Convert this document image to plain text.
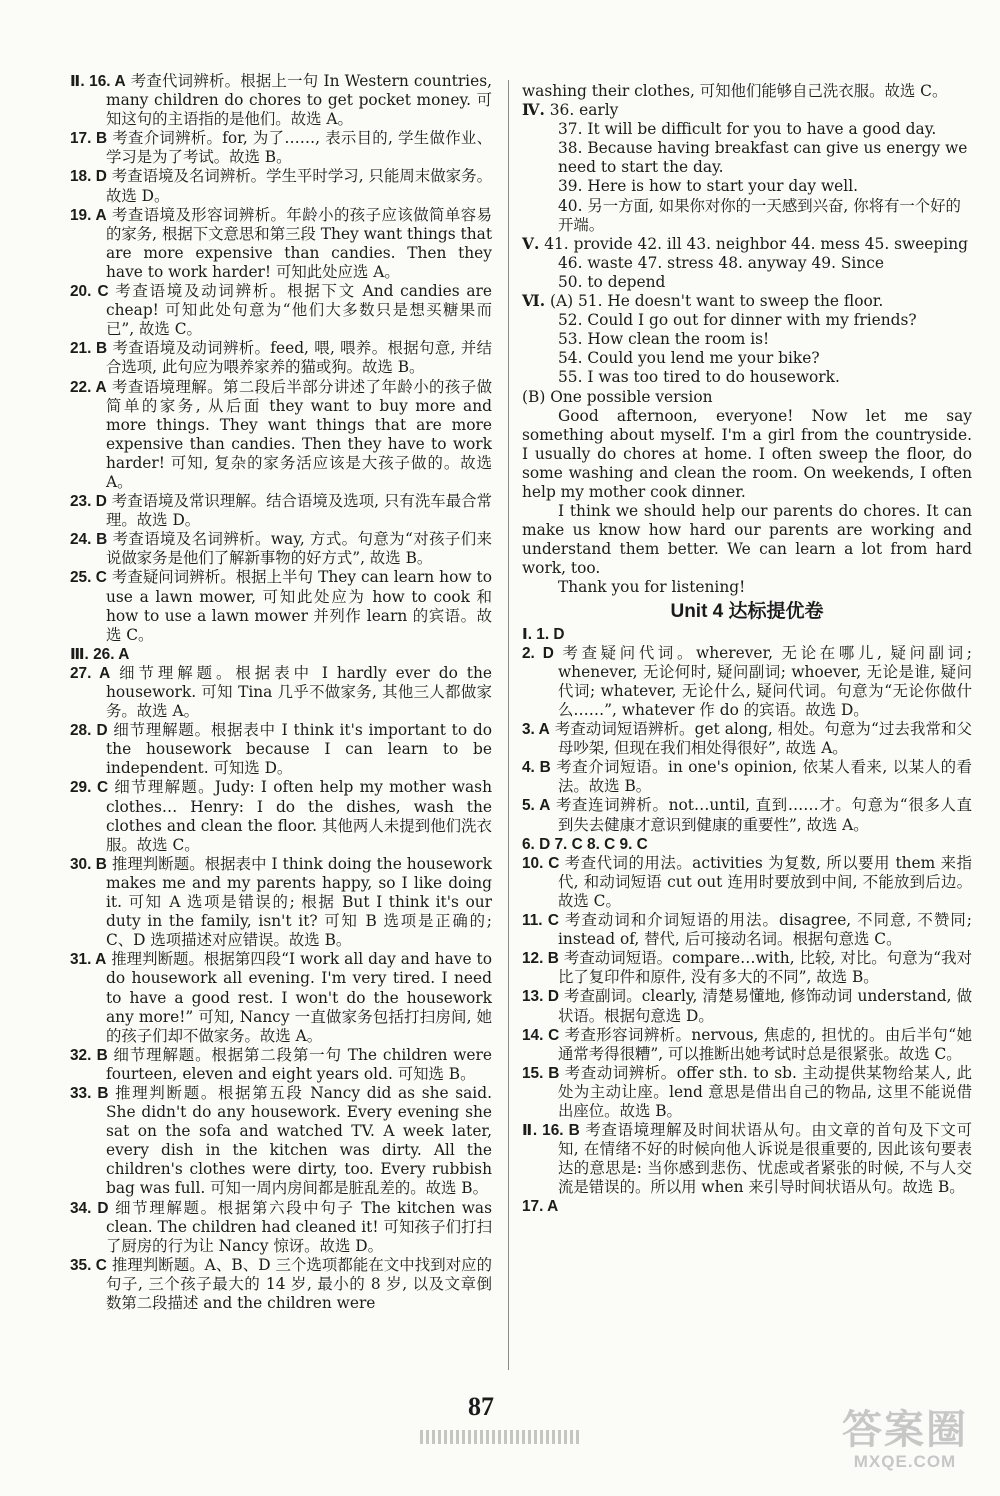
Ⅱ. 16. A 考查代词辨析。根据上一句 In Western countries, many children do chores to get pocket money. 可知这句的主语指的是他们。故选 A。

17. B 考查介词辨析。for, 为了……, 表示目的, 学生做作业、学习是为了考试。故选 B。

18. D 考查语境及名词辨析。学生平时学习, 只能周末做家务。故选 D。

19. A 考查语境及形容词辨析。年龄小的孩子应该做简单容易的家务, 根据下文意思和第三段 They want things that are more expensive than candies. Then they have to work harder! 可知此处应选 A。

20. C 考查语境及动词辨析。根据下文 And candies are cheap! 可知此处句意为“他们大多数只是想买糖果而已”, 故选 C。

21. B 考查语境及动词辨析。feed, 喂, 喂养。根据句意, 并结合选项, 此句应为喂养家养的猫或狗。故选 B。

22. A 考查语境理解。第二段后半部分讲述了年龄小的孩子做简单的家务, 从后面 they want to buy more and more things. They want things that are more expensive than candies. Then they have to work harder! 可知, 复杂的家务活应该是大孩子做的。故选 A。

23. D 考查语境及常识理解。结合语境及选项, 只有洗车最合常理。故选 D。

24. B 考查语境及名词辨析。way, 方式。句意为“对孩子们来说做家务是他们了解新事物的好方式”, 故选 B。

25. C 考查疑问词辨析。根据上半句 They can learn how to use a lawn mower, 可知此处应为 how to cook 和 how to use a lawn mower 并列作 learn 的宾语。故选 C。

Ⅲ. 26. A

27. A 细节理解题。根据表中 I hardly ever do the housework. 可知 Tina 几乎不做家务, 其他三人都做家务。故选 A。

28. D 细节理解题。根据表中 I think it's important to do the housework because I can learn to be independent. 可知选 D。

29. C 细节理解题。Judy: I often help my mother wash clothes… Henry: I do the dishes, wash the clothes and clean the floor. 其他两人未提到他们洗衣服。故选 C。

30. B 推理判断题。根据表中 I think doing the housework makes me and my parents happy, so I like doing it. 可知 A 选项是错误的; 根据 But I think it's our duty in the family, isn't it? 可知 B 选项是正确的; C、D 选项描述对应错误。故选 B。

31. A 推理判断题。根据第四段“I work all day and have to do housework all evening. I'm very tired. I need to have a good rest. I won't do the housework any more!” 可知, Nancy 一直做家务包括打扫房间, 她的孩子们却不做家务。故选 A。

32. B 细节理解题。根据第二段第一句 The children were fourteen, eleven and eight years old. 可知选 B。

33. B 推理判断题。根据第五段 Nancy did as she said. She didn't do any housework. Every evening she sat on the sofa and watched TV. A week later, every dish in the kitchen was dirty. All the children's clothes were dirty, too. Every rubbish bag was full. 可知一周内房间都是脏乱差的。故选 B。

34. D 细节理解题。根据第六段中句子 The kitchen was clean. The children had cleaned it! 可知孩子们打扫了厨房的行为让 Nancy 惊讶。故选 D。

35. C 推理判断题。A、B、D 三个选项都能在文中找到对应的句子, 三个孩子最大的 14 岁, 最小的 8 岁, 以及文章倒数第二段描述 and the children were

washing their clothes, 可知他们能够自己洗衣服。故选 C。

Ⅳ. 36. early

37. It will be difficult for you to have a good day.

38. Because having breakfast can give us energy we need to start the day.

39. Here is how to start your day well.

40. 另一方面, 如果你对你的一天感到兴奋, 你将有一个好的开端。

Ⅴ. 41. provide 42. ill 43. neighbor 44. mess 45. sweeping

46. waste 47. stress 48. anyway 49. Since

50. to depend

Ⅵ. (A) 51. He doesn't want to sweep the floor.

52. Could I go out for dinner with my friends?

53. How clean the room is!

54. Could you lend me your bike?

55. I was too tired to do housework.

(B) One possible version

Good afternoon, everyone! Now let me say something about myself. I'm a girl from the countryside. I usually do chores at home. I often sweep the floor, do some washing and clean the room. On weekends, I often help my mother cook dinner.

I think we should help our parents do chores. It can make us know how hard our parents are working and understand them better. We can learn a lot from hard work, too.

Thank you for listening!

Unit 4 达标提优卷

Ⅰ. 1. D

2. D 考查疑问代词。wherever, 无论在哪儿, 疑问副词; whenever, 无论何时, 疑问副词; whoever, 无论是谁, 疑问代词; whatever, 无论什么, 疑问代词。句意为“无论你做什么……”, whatever 作 do 的宾语。故选 D。

3. A 考查动词短语辨析。get along, 相处。句意为“过去我常和父母吵架, 但现在我们相处得很好”, 故选 A。

4. B 考查介词短语。in one's opinion, 依某人看来, 以某人的看法。故选 B。

5. A 考查连词辨析。not…until, 直到……才。句意为“很多人直到失去健康才意识到健康的重要性”, 故选 A。

6. D 7. C 8. C 9. C

10. C 考查代词的用法。activities 为复数, 所以要用 them 来指代, 和动词短语 cut out 连用时要放到中间, 不能放到后边。故选 C。

11. C 考查动词和介词短语的用法。disagree, 不同意, 不赞同; instead of, 替代, 后可接动名词。根据句意选 C。

12. B 考查动词短语。compare…with, 比较, 对比。句意为“我对比了复印件和原件, 没有多大的不同”, 故选 B。

13. D 考查副词。clearly, 清楚易懂地, 修饰动词 understand, 做状语。根据句意选 D。

14. C 考查形容词辨析。nervous, 焦虑的, 担忧的。由后半句“她通常考得很糟”, 可以推断出她考试时总是很紧张。故选 C。

15. B 考查动词辨析。offer sth. to sb. 主动提供某物给某人, 此处为主动让座。lend 意思是借出自己的物品, 这里不能说借出座位。故选 B。

Ⅱ. 16. B 考查语境理解及时间状语从句。由文章的首句及下文可知, 在情绪不好的时候向他人诉说是很重要的, 因此该句要表达的意思是: 当你感到悲伤、忧虑或者紧张的时候, 不与人交流是错误的。所以用 when 来引导时间状语从句。故选 B。

17. A

87
答案圈
MXQE.COM
